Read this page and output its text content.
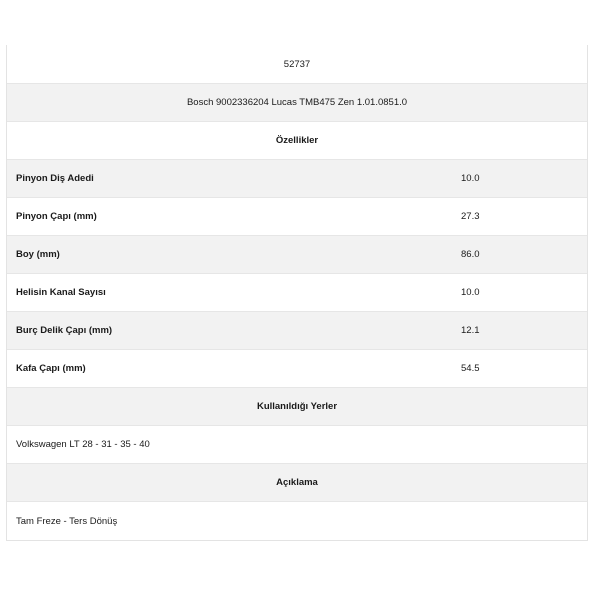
52737
Bosch 9002336204 Lucas TMB475 Zen 1.01.0851.0
Özellikler
Pinyon Diş Adedi	10.0
Pinyon Çapı (mm)	27.3
Boy (mm)	86.0
Helisin Kanal Sayısı	10.0
Burç Delik Çapı (mm)	12.1
Kafa Çapı (mm)	54.5
Kullanıldığı Yerler
Volkswagen LT 28 - 31 - 35 - 40
Açıklama
Tam Freze - Ters Dönüş
